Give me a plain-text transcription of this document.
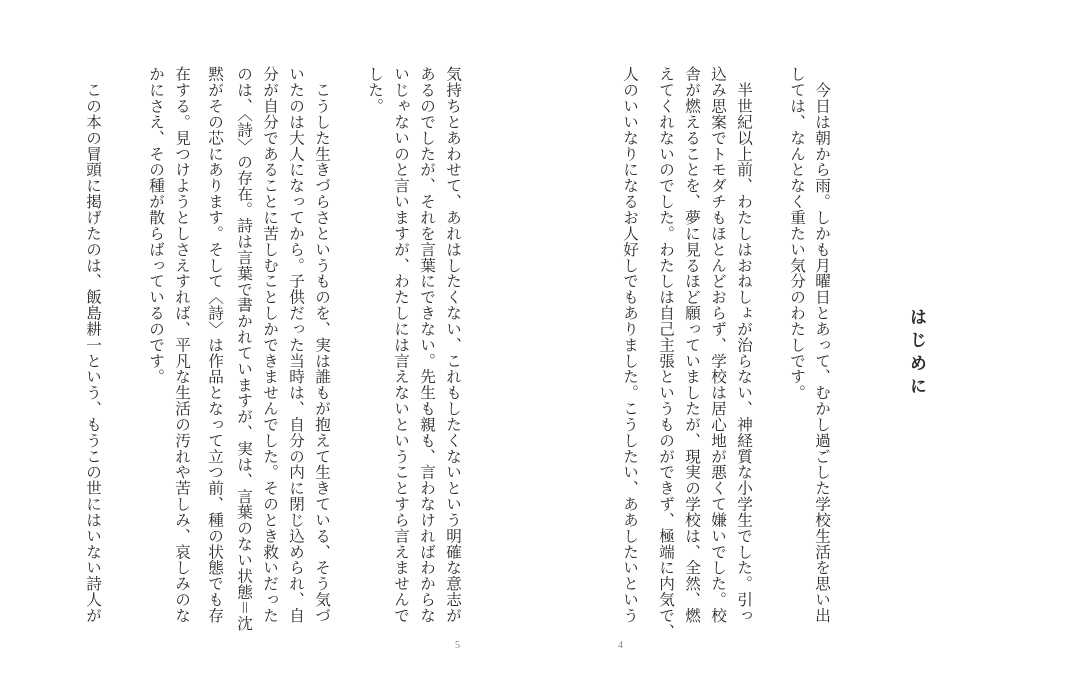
はじめに
　今日は朝から雨。しかも月曜日とあって、むかし過ごした学校生活を思い出
しては、なんとなく重たい気分のわたしです。
　半世紀以上前、わたしはおねしょが治らない、神経質な小学生でした。引っ
込み思案でトモダチもほとんどおらず、学校は居心地が悪くて嫌いでした。校
舎が燃えることを、夢に見るほど願っていましたが、現実の学校は、全然、燃
えてくれないのでした。わたしは自己主張というものができず、極端に内気で、
人のいいなりになるお人好しでもありました。こうしたい、ああしたいという
4
気持ちとあわせて、あれはしたくない、これもしたくないという明確な意志が
あるのでしたが、それを言葉にできない。先生も親も、言わなければわからな
いじゃないのと言いますが、わたしには言えないということすら言えませんで
した。
　こうした生きづらさというものを、実は誰もが抱えて生きている、そう気づ
いたのは大人になってから。子供だった当時は、自分の内に閉じ込められ、自
分が自分であることに苦しむことしかできませんでした。そのとき救いだった
のは、〈詩〉の存在。詩は言葉で書かれていますが、実は、言葉のない状態＝沈
黙がその芯にあります。そして〈詩〉は作品となって立つ前、種の状態でも存
在する。見つけようとしさえすれば、平凡な生活の汚れや苦しみ、哀しみのな
かにさえ、その種が散らばっているのです。
　この本の冒頭に掲げたのは、飯島耕一という、もうこの世にはいない詩人が
5
